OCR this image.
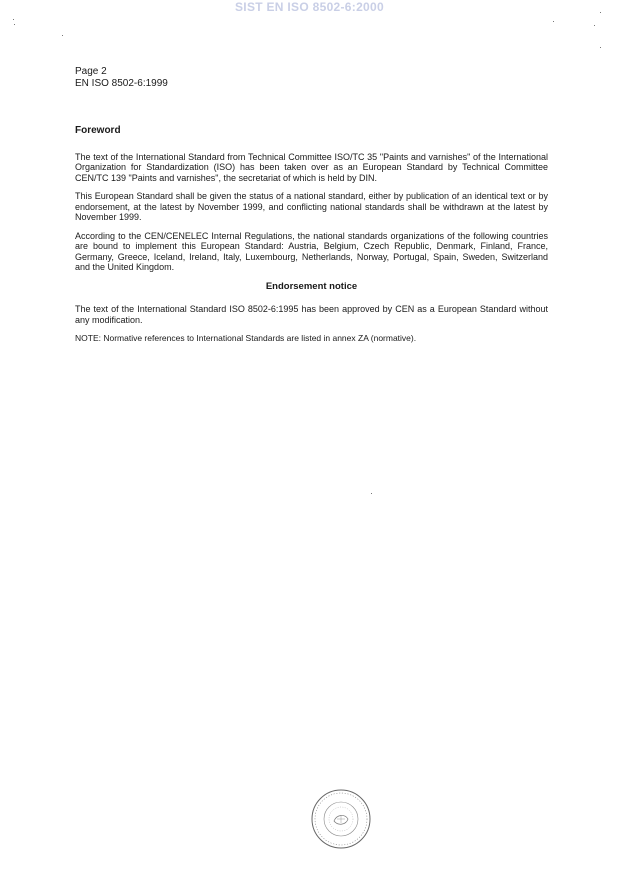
SIST EN ISO 8502-6:2000
Page 2
EN ISO 8502-6:1999
Foreword

The text of the International Standard from Technical Committee ISO/TC 35 "Paints and varnishes" of the International Organization for Standardization (ISO) has been taken over as an European Standard by Technical Committee CEN/TC 139 "Paints and varnishes", the secretariat of which is held by DIN.

This European Standard shall be given the status of a national standard, either by publication of an identical text or by endorsement, at the latest by November 1999, and conflicting national standards shall be withdrawn at the latest by November 1999.

According to the CEN/CENELEC Internal Regulations, the national standards organizations of the following countries are bound to implement this European Standard: Austria, Belgium, Czech Republic, Denmark, Finland, France, Germany, Greece, Iceland, Ireland, Italy, Luxembourg, Netherlands, Norway, Portugal, Spain, Sweden, Switzerland and the United Kingdom.

Endorsement notice

The text of the International Standard ISO 8502-6:1995 has been approved by CEN as a European Standard without any modification.

NOTE: Normative references to International Standards are listed in annex ZA (normative).
